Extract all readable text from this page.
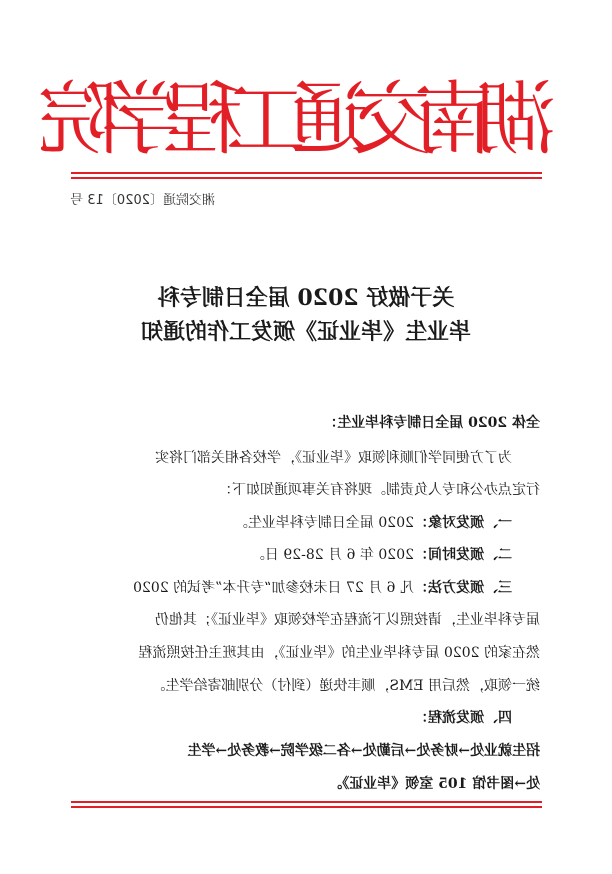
湖
南
交
通
工
程
学
院
湘交院通〔2020〕13 号
关于做好 2020 届全日制专科
毕业生《毕业证》颁发工作的通知
全体 2020 届全日制专科毕业生：
为了方便同学们顺利领取《毕业证》，学校各相关部门将实
行定点办公和专人负责制。现将有关事项通知如下：
一、颁发对象：2020 届全日制专科毕业生。
二、颁发时间：2020 年 6 月 28-29 日。
三、颁发方法：凡 6 月 27 日未校参加“专升本”考试的 2020
届专科毕业生，请按照以下流程在学校领取《毕业证》；其他仍
然在家的 2020 届专科毕业生的《毕业证》，由其班主任按照流程
统一领取，然后用 EMS，顺丰快递（到付）分别邮寄给学生。
四、颁发流程：
招生就业处→财务处→后勤处→各二级学院→教务处→学生
处→图书馆 105 室领《毕业证》。
